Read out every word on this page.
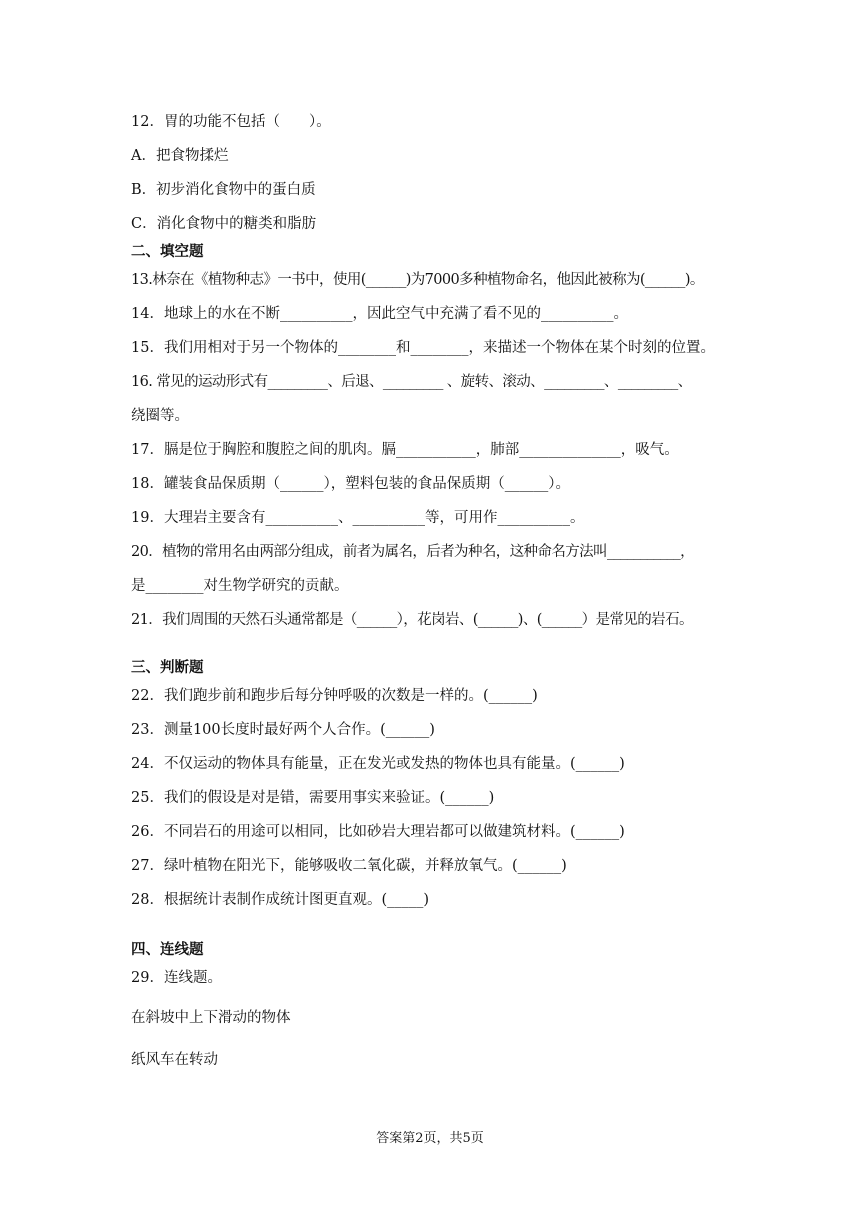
12．胃的功能不包括（　　）。
A．把食物揉烂
B．初步消化食物中的蛋白质
C．消化食物中的糖类和脂肪
二、填空题
13.林奈在《植物种志》一书中，使用(______)为7000多种植物命名，他因此被称为(______)。
14．地球上的水在不断__________，因此空气中充满了看不见的__________。
15．我们用相对于另一个物体的________和________，来描述一个物体在某个时刻的位置。
16. 常见的运动形式有_________、后退、_________ 、旋转、滚动、_________、_________、
绕圈等。
17．膈是位于胸腔和腹腔之间的肌肉。膈___________，肺部______________，吸气。
18．罐装食品保质期（______），塑料包装的食品保质期（______）。
19．大理岩主要含有__________、__________等，可用作__________。
20．植物的常用名由两部分组成，前者为属名，后者为种名，这种命名方法叫___________，
是________对生物学研究的贡献。
21．我们周围的天然石头通常都是（______），花岗岩、(______)、(______）是常见的岩石。
三、判断题
22．我们跑步前和跑步后每分钟呼吸的次数是一样的。(______)
23．测量100长度时最好两个人合作。(______)
24．不仅运动的物体具有能量，正在发光或发热的物体也具有能量。(______)
25．我们的假设是对是错，需要用事实来验证。(______)
26．不同岩石的用途可以相同，比如砂岩大理岩都可以做建筑材料。(______)
27．绿叶植物在阳光下，能够吸收二氧化碳，并释放氧气。(______)
28．根据统计表制作成统计图更直观。(_____)
四、连线题
29．连线题。
在斜坡中上下滑动的物体
纸风车在转动
答案第2页，共5页
